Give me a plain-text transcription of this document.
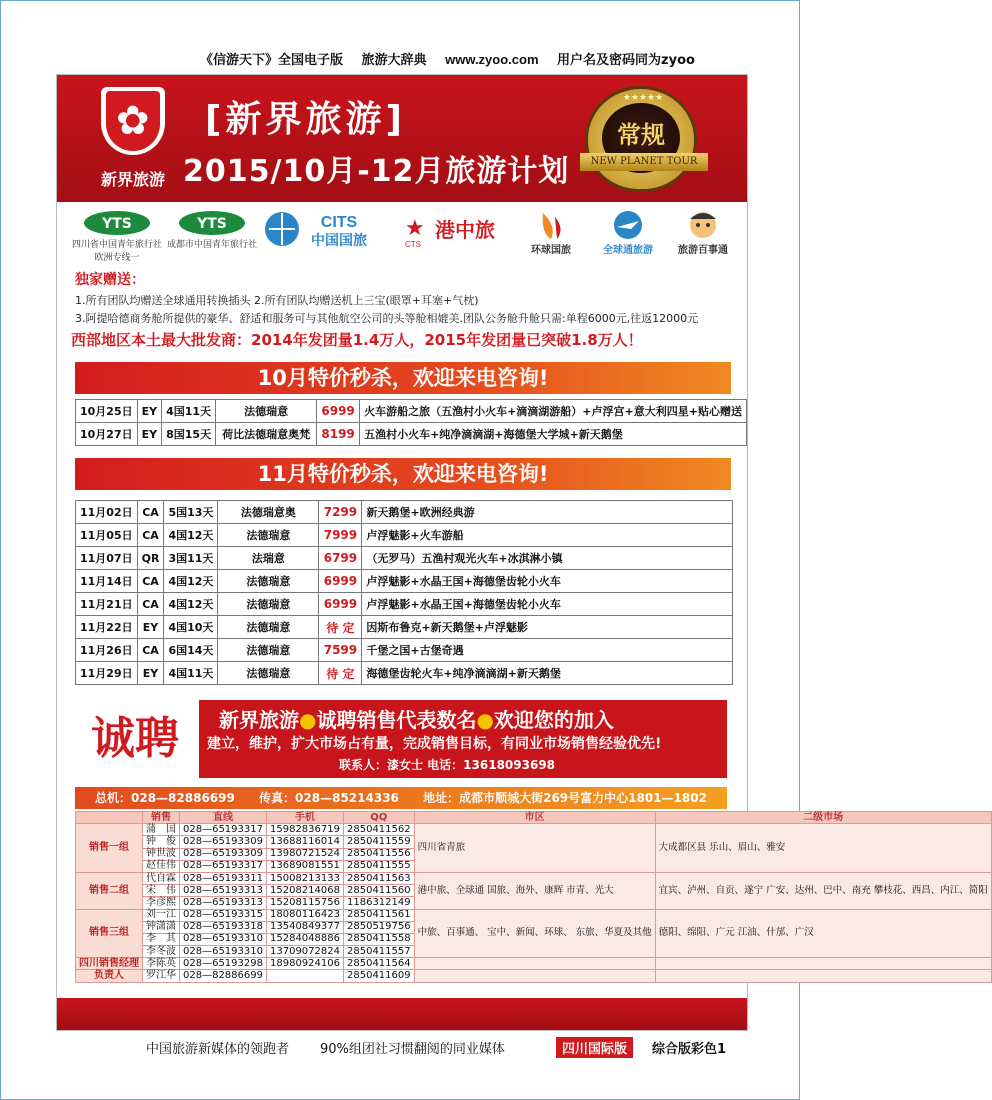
《信游天下》全国电子版 旅游大辞典 www.zyoo.com 用户名及密码同为zyoo
✿
新界旅游
[新界旅游]
2015/10月-12月旅游计划
★★★★★
常规
NEW PLANET TOUR
YTS
四川省中国青年旅行社 欧洲专线一
YTS
成都市中国青年旅行社
CITS
中国国旅 ★
CTS
港中旅
环球国旅	全球通旅游	旅游百事通
独家赠送：
1.所有团队均赠送全球通用转换插头 2.所有团队均赠送机上三宝(眼罩+耳塞+气枕)
3.阿提哈德商务舱所提供的豪华、舒适和服务可与其他航空公司的头等舱相媲美.团队公务舱升舱只需:单程6000元,往返12000元
西部地区本土最大批发商：2014年发团量1.4万人，2015年发团量已突破1.8万人！
10月特价秒杀，欢迎来电咨询!
10月25日	EY	4国11天	法德瑞意	6999	火车游船之旅（五渔村小火车+滴滴湖游船）+卢浮宫+意大利四星+贴心赠送
10月27日	EY	8国15天	荷比法德瑞意奥梵	8199	五渔村小火车+纯净滴滴湖+海德堡大学城+新天鹅堡
11月特价秒杀，欢迎来电咨询!
11月02日	CA	5国13天	法德瑞意奥	7299	新天鹅堡+欧洲经典游
11月05日	CA	4国12天	法德瑞意	7999	卢浮魅影+火车游船
11月07日	QR	3国11天	法瑞意	6799	（无罗马）五渔村观光火车+冰淇淋小镇
11月14日	CA	4国12天	法德瑞意	6999	卢浮魅影+水晶王国+海德堡齿轮小火车
11月21日	CA	4国12天	法德瑞意	6999	卢浮魅影+水晶王国+海德堡齿轮小火车
11月22日	EY	4国10天	法德瑞意	待 定	因斯布鲁克+新天鹅堡+卢浮魅影
11月26日	CA	6国14天	法德瑞意	7599	千堡之国+古堡奇遇
11月29日	EY	4国11天	法德瑞意	待 定	海德堡齿轮火车+纯净滴滴湖+新天鹅堡
诚聘	新界旅游●诚聘销售代表数名●欢迎您的加入
建立，维护，扩大市场占有量，完成销售目标，有同业市场销售经验优先!
联系人：漆女士 电话：13618093698
总机：028—82886699 传真：028—85214336 地址：成都市顺城大街269号富力中心1801—1802
	销售	直线	手机	QQ	市区	二级市场
销售一组	蒲　国	028—65193317	15982836719	2850411562	四川省青旅	大成都区县 乐山、眉山、雅安
	钟　俊	028—65193309	13688116014	2850411559		
	钟世波	028—65193309	13980721524	2850411556		
	赵佳伟	028—65193317	13689081551	2850411555		
销售二组	代自霖	028—65193311	15008213133	2850411563	港中旅、全球通 国旅、海外、康辉 市青、光大	宜宾、泸州、自贡、遂宁 广安、达州、巴中、南充 攀枝花、西昌、内江、简阳
	宋　伟	028—65193313	15208214068	2850411560		
	李彦熙	028—65193313	15208115756	1186312149		
销售三组	刘一江	028—65193315	18080116423	2850411561	中旅、百事通、 宝中、新闻、环球、 东旅、华夏及其他	德阳、绵阳、广元 江油、什邡、广汉
	钟潇潇	028—65193318	13540849377	2850519756		
	李　其	028—65193310	15284048886	2850411558		
	李冬波	028—65193310	13709072824	2850411557		
四川销售经理	李陈英	028—65193298	18980924106	2850411564		
负责人	罗江华	028—82886699		2850411609		
中国旅游新媒体的领跑者 90%组团社习惯翻阅的同业媒体	四川国际版	综合版彩色1
